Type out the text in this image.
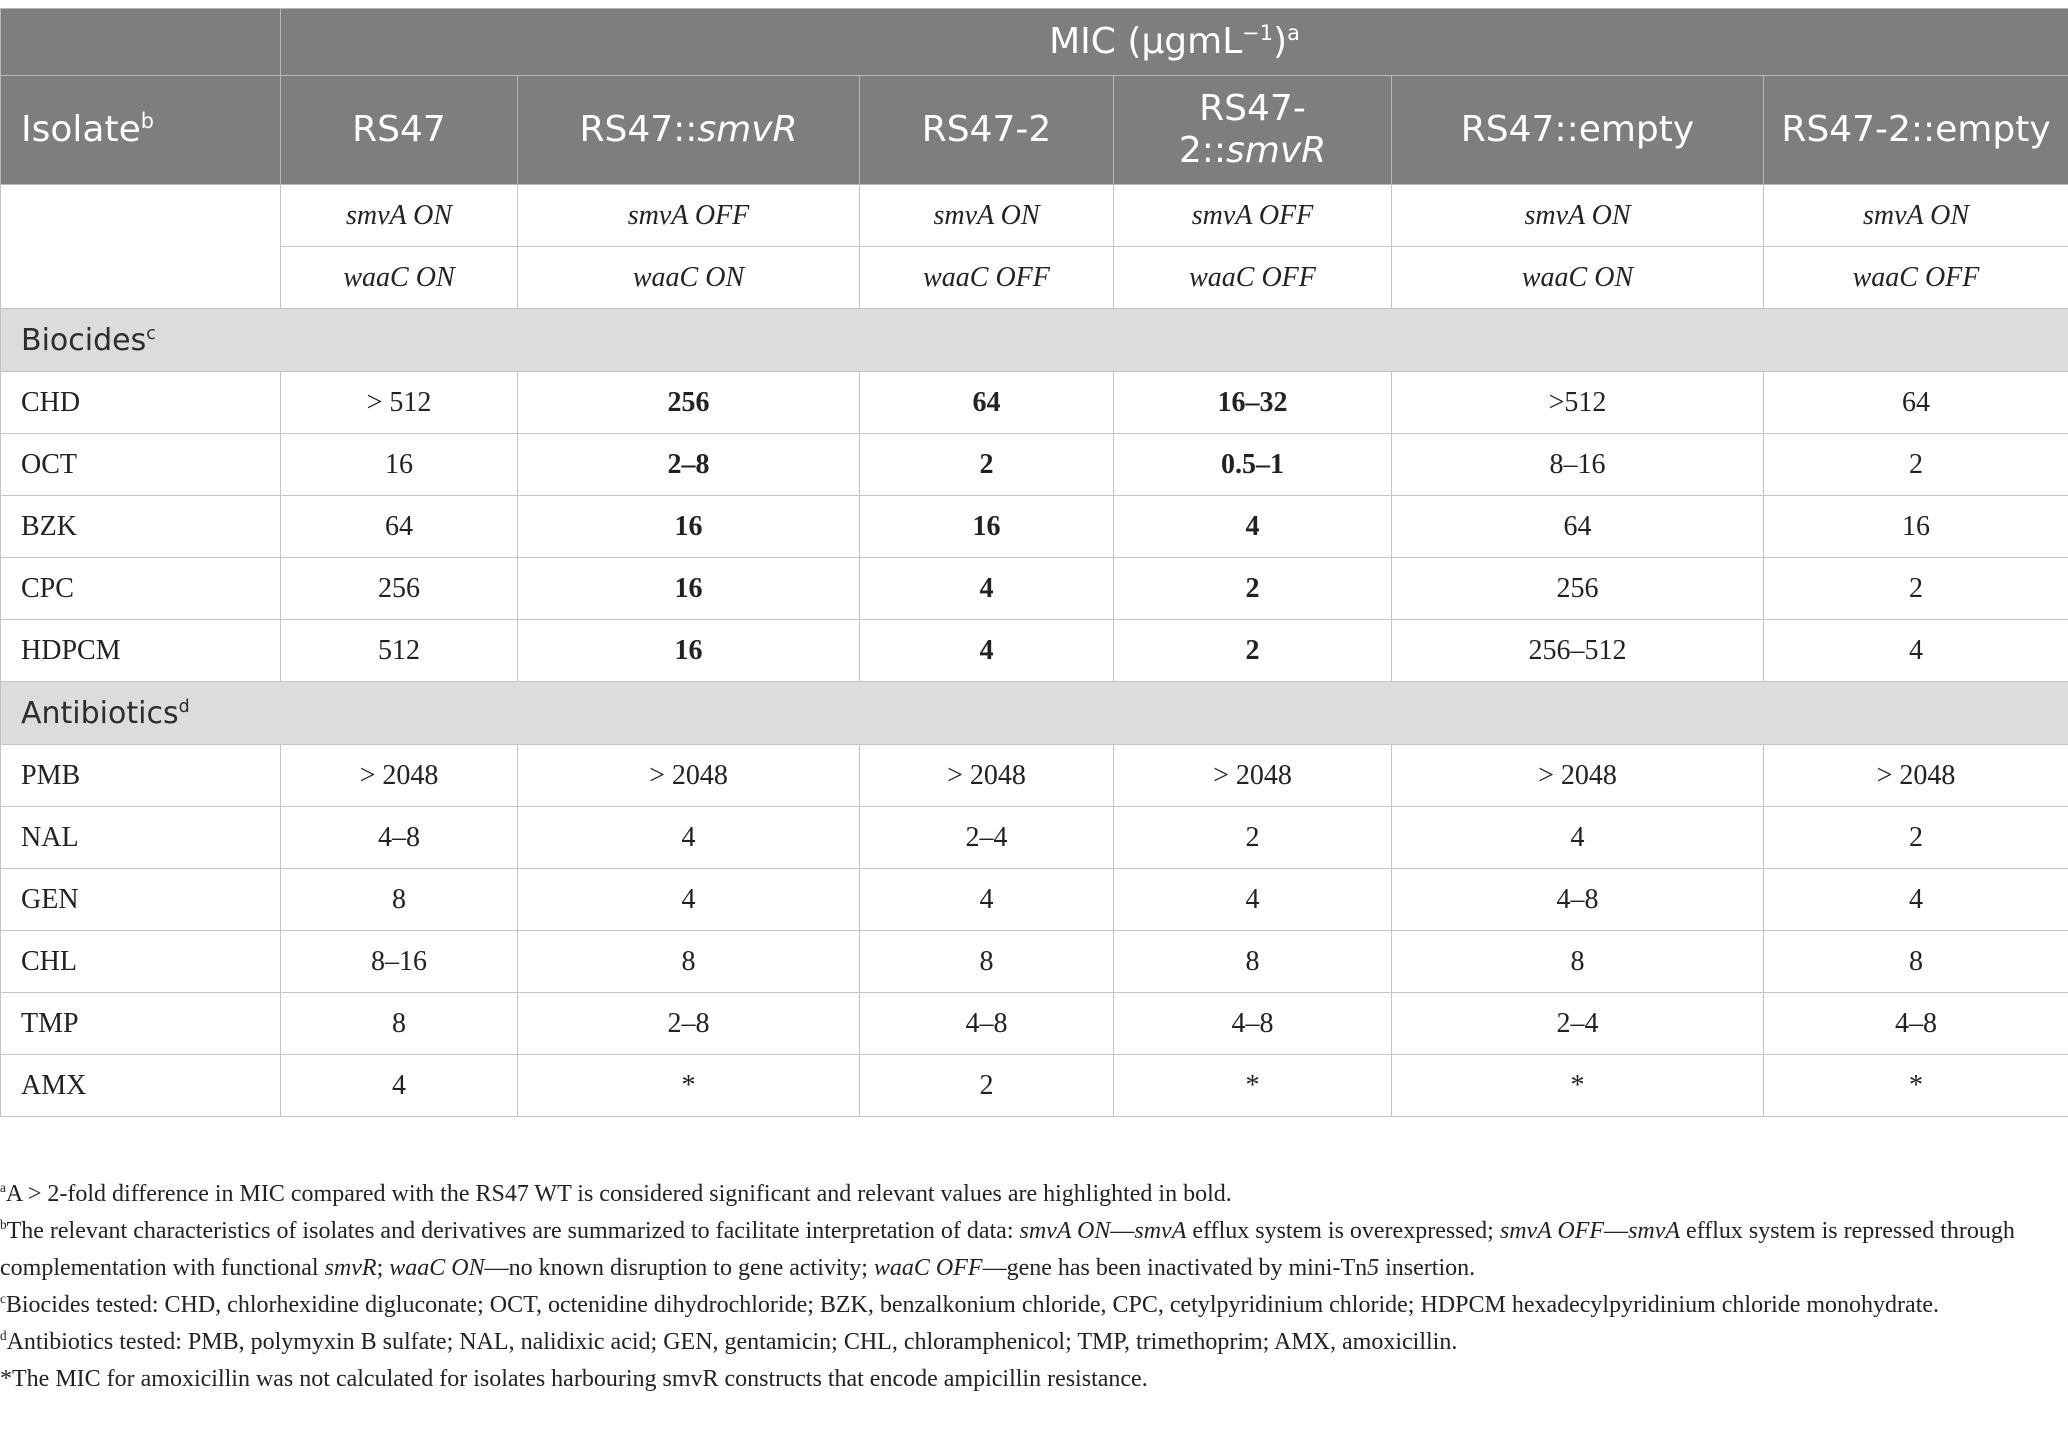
	MIC $(\mu gmL^{-1})^a$
Isolate$^b$	RS47	RS47::smvR	RS47-2	RS47-
2::smvR	RS47::empty	RS47-2::empty
	smvA ON	smvA OFF	smvA ON	smvA OFF	smvA ON	smvA ON
	waaC ON	waaC ON	waaC OFF	waaC OFF	waaC ON	waaC OFF
Biocides$^c$
CHD	> 512	256	64	16–32	>512	64
OCT	16	2–8	2	0.5–1	8–16	2
BZK	64	16	16	4	64	16
CPC	256	16	4	2	256	2
HDPCM	512	16	4	2	256–512	4
Antibiotics$^d$
PMB	> 2048	> 2048	> 2048	> 2048	> 2048	> 2048
NAL	4–8	4	2–4	2	4	2
GEN	8	4	4	4	4–8	4
CHL	8–16	8	8	8	8	8
TMP	8	2–8	4–8	4–8	2–4	4–8
AMX	4	*	2	*	*	*

$^a$A > 2-fold difference in MIC compared with the RS47 WT is considered significant and relevant values are highlighted in bold.

$^b$The relevant characteristics of isolates and derivatives are summarized to facilitate interpretation of data: smvA ON—smvA efflux system is overexpressed; smvA OFF—smvA efflux system is repressed through complementation with functional smvR; waaC ON—no known disruption to gene activity; waaC OFF—gene has been inactivated by mini-Tn5 insertion.

$^c$Biocides tested: CHD, chlorhexidine digluconate; OCT, octenidine dihydrochloride; BZK, benzalkonium chloride, CPC, cetylpyridinium chloride; HDPCM hexadecylpyridinium chloride monohydrate.

$^d$Antibiotics tested: PMB, polymyxin B sulfate; NAL, nalidixic acid; GEN, gentamicin; CHL, chloramphenicol; TMP, trimethoprim; AMX, amoxicillin.

*The MIC for amoxicillin was not calculated for isolates harbouring smvR constructs that encode ampicillin resistance.
